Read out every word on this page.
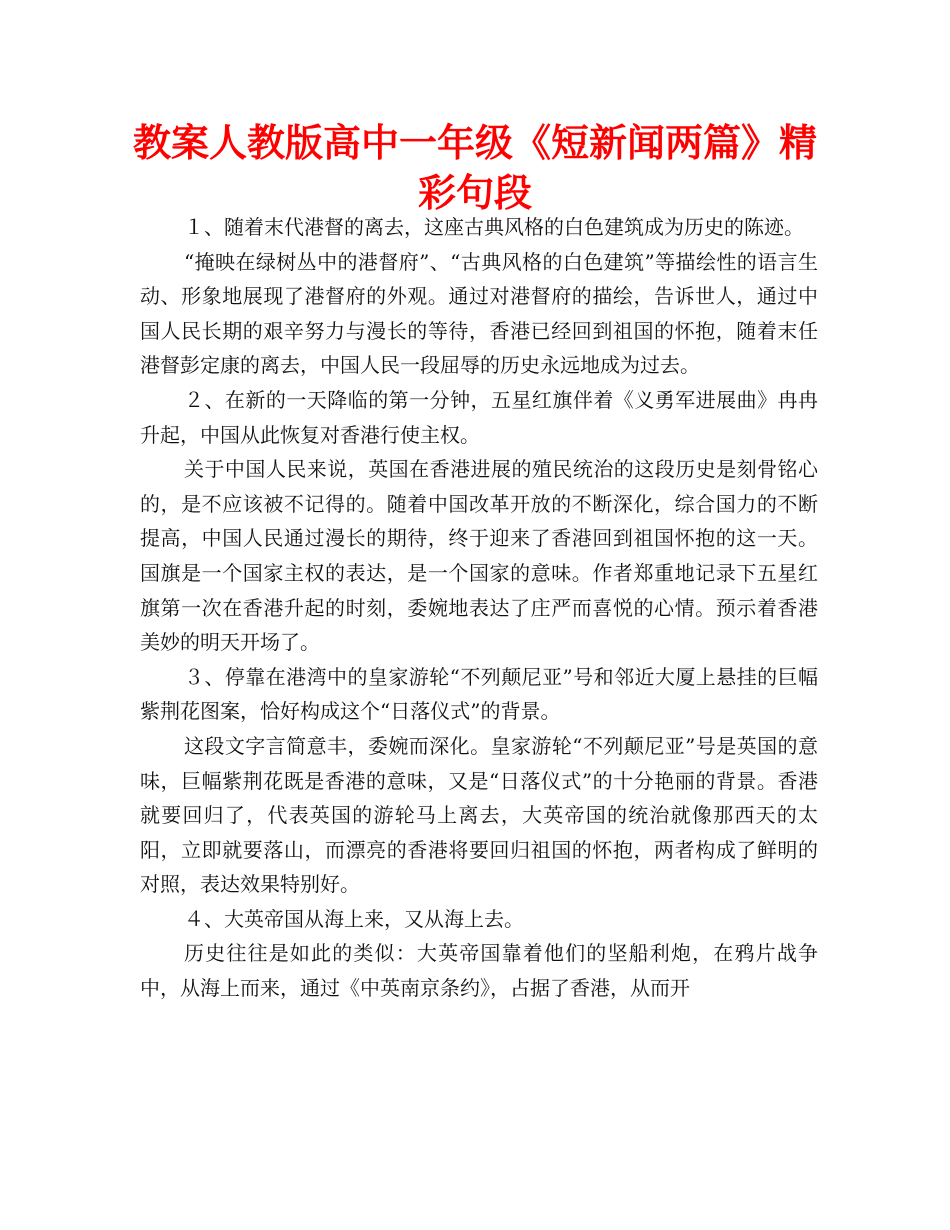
教案人教版高中一年级《短新闻两篇》精彩句段

１、随着末代港督的离去，这座古典风格的白色建筑成为历史的陈迹。

“掩映在绿树丛中的港督府”、“古典风格的白色建筑”等描绘性的语言生动、形象地展现了港督府的外观。通过对港督府的描绘，告诉世人，通过中国人民长期的艰辛努力与漫长的等待，香港已经回到祖国的怀抱，随着末任港督彭定康的离去，中国人民一段屈辱的历史永远地成为过去。

２、在新的一天降临的第一分钟，五星红旗伴着《义勇军进展曲》冉冉升起，中国从此恢复对香港行使主权。

关于中国人民来说，英国在香港进展的殖民统治的这段历史是刻骨铭心的，是不应该被不记得的。随着中国改革开放的不断深化，综合国力的不断提高，中国人民通过漫长的期待，终于迎来了香港回到祖国怀抱的这一天。国旗是一个国家主权的表达，是一个国家的意味。作者郑重地记录下五星红旗第一次在香港升起的时刻，委婉地表达了庄严而喜悦的心情。预示着香港美妙的明天开场了。

３、停靠在港湾中的皇家游轮“不列颠尼亚”号和邻近大厦上悬挂的巨幅紫荆花图案，恰好构成这个“日落仪式”的背景。

这段文字言简意丰，委婉而深化。皇家游轮“不列颠尼亚”号是英国的意味，巨幅紫荆花既是香港的意味，又是“日落仪式”的十分艳丽的背景。香港就要回归了，代表英国的游轮马上离去，大英帝国的统治就像那西天的太阳，立即就要落山，而漂亮的香港将要回归祖国的怀抱，两者构成了鲜明的对照，表达效果特别好。

４、大英帝国从海上来，又从海上去。

历史往往是如此的类似：大英帝国靠着他们的坚船利炮，在鸦片战争中，从海上而来，通过《中英南京条约》，占据了香港，从而开
